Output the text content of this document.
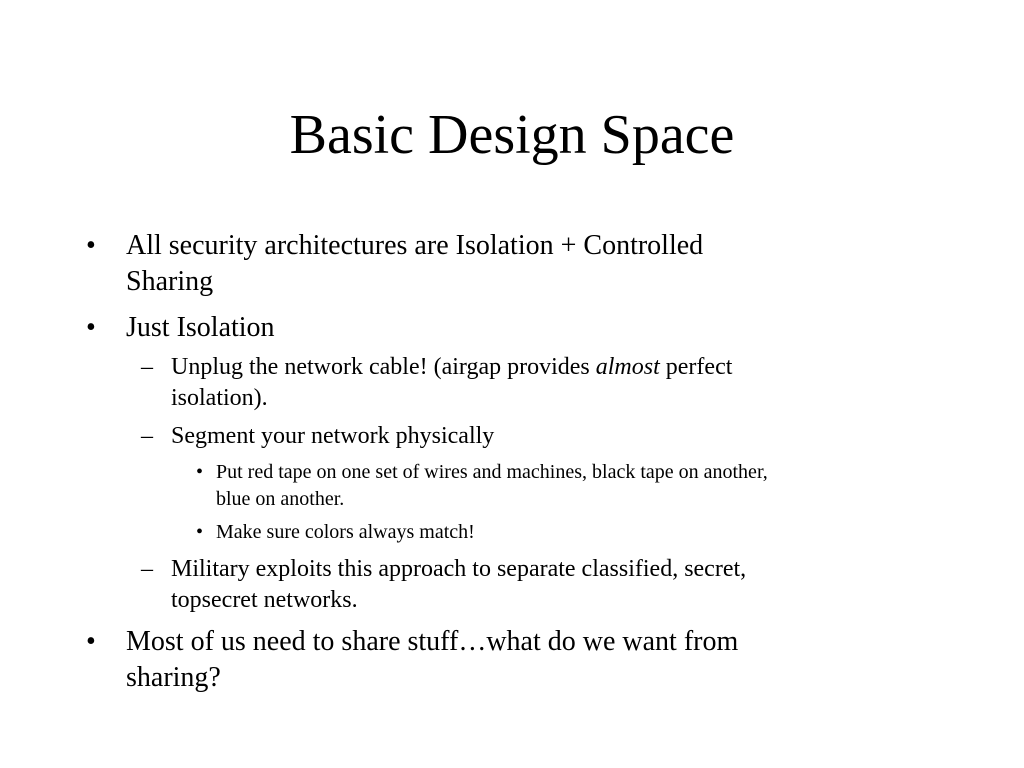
Basic Design Space
• All security architectures are Isolation + Controlled

Sharing

• Just Isolation

– Unplug the network cable! (airgap provides almost perfect

isolation).

– Segment your network physically

• Put red tape on one set of wires and machines, black tape on another,

blue on another.

• Make sure colors always match!

– Military exploits this approach to separate classified, secret,

topsecret networks.

• Most of us need to share stuff…what do we want from

sharing?
